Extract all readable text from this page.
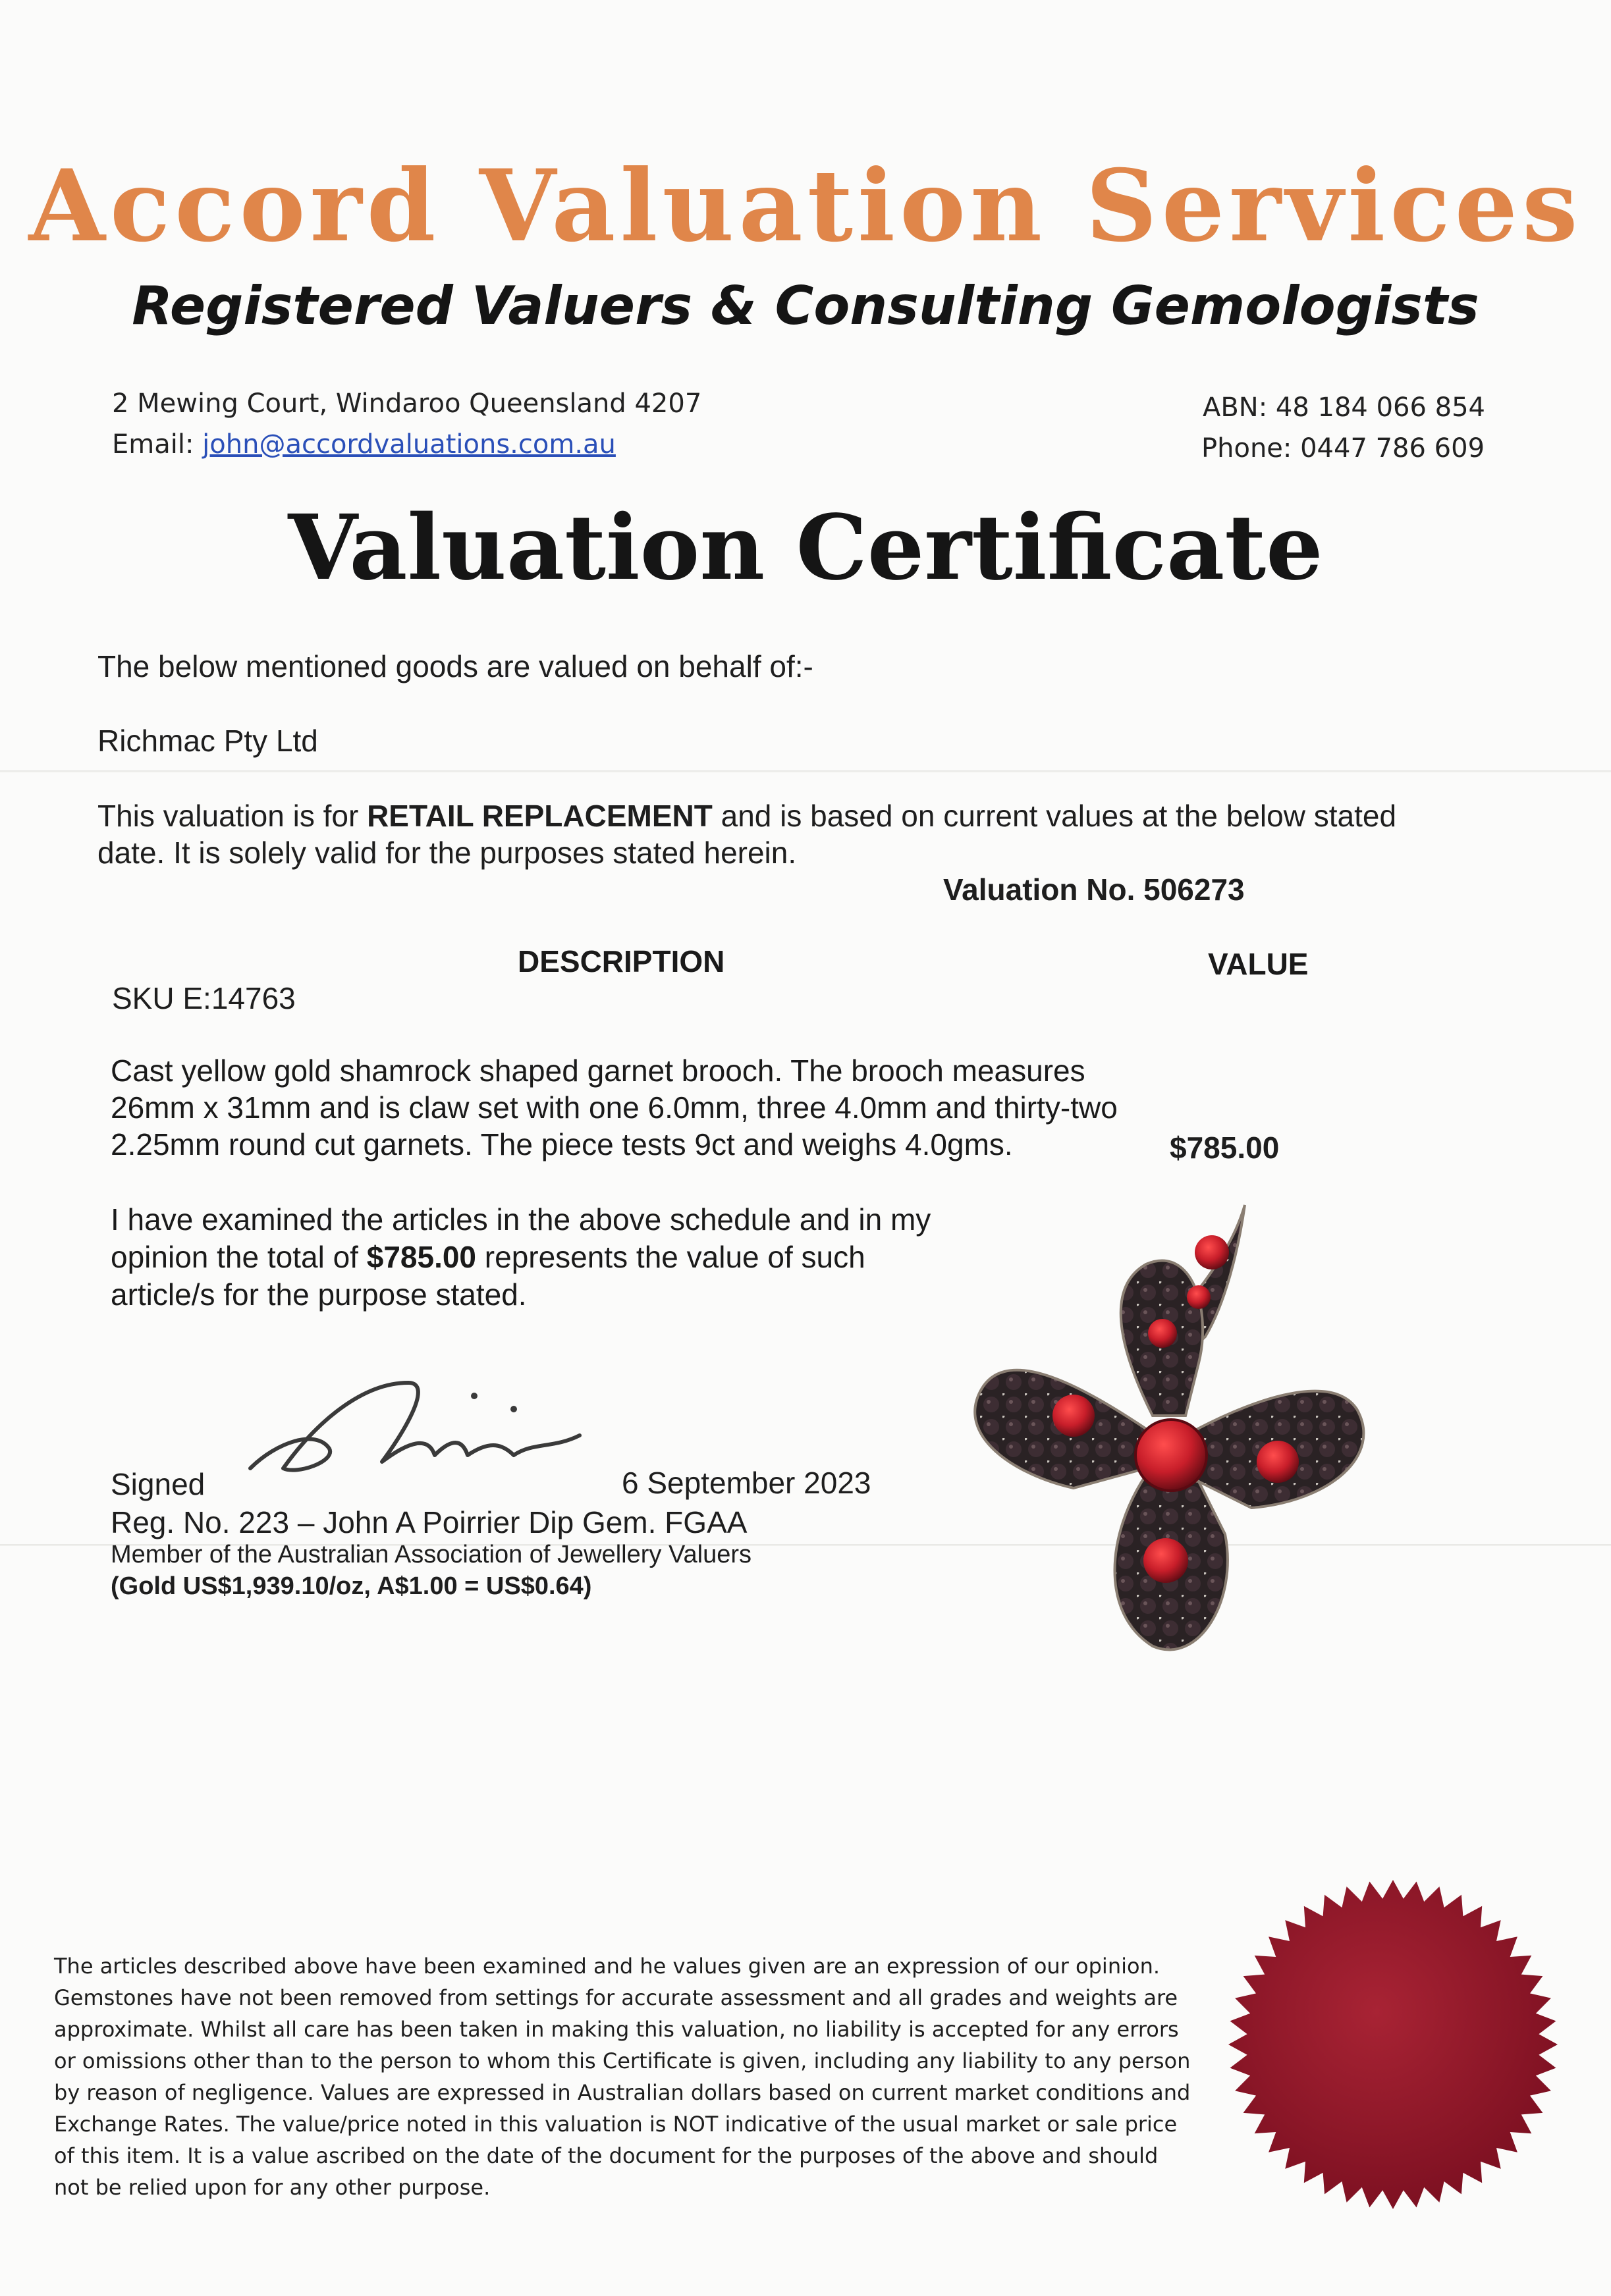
Accord Valuation Services
Registered Valuers & Consulting Gemologists
2 Mewing Court, Windaroo Queensland 4207
Email: john@accordvaluations.com.au
ABN: 48 184 066 854
Phone: 0447 786 609
Valuation Certificate
The below mentioned goods are valued on behalf of:-
Richmac Pty Ltd
This valuation is for RETAIL REPLACEMENT and is based on current values at the below stated
date. It is solely valid for the purposes stated herein.
Valuation No. 506273
DESCRIPTION	VALUE
SKU E:14763
Cast yellow gold shamrock shaped garnet brooch. The brooch measures 26mm x 31mm and is claw set with one 6.0mm, three 4.0mm and thirty-two 2.25mm round cut garnets. The piece tests 9ct and weighs 4.0gms.	$785.00
I have examined the articles in the above schedule and in my opinion the total of $785.00 represents the value of such article/s for the purpose stated.
Signed	6 September 2023
Reg. No. 223 – John A Poirrier Dip Gem. FGAA
Member of the Australian Association of Jewellery Valuers
(Gold US$1,939.10/oz, A$1.00 = US$0.64)
The articles described above have been examined and he values given are an expression of our opinion. Gemstones have not been removed from settings for accurate assessment and all grades and weights are approximate. Whilst all care has been taken in making this valuation, no liability is accepted for any errors or omissions other than to the person to whom this Certificate is given, including any liability to any person by reason of negligence. Values are expressed in Australian dollars based on current market conditions and Exchange Rates. The value/price noted in this valuation is NOT indicative of the usual market or sale price of this item. It is a value ascribed on the date of the document for the purposes of the above and should not be relied upon for any other purpose.
